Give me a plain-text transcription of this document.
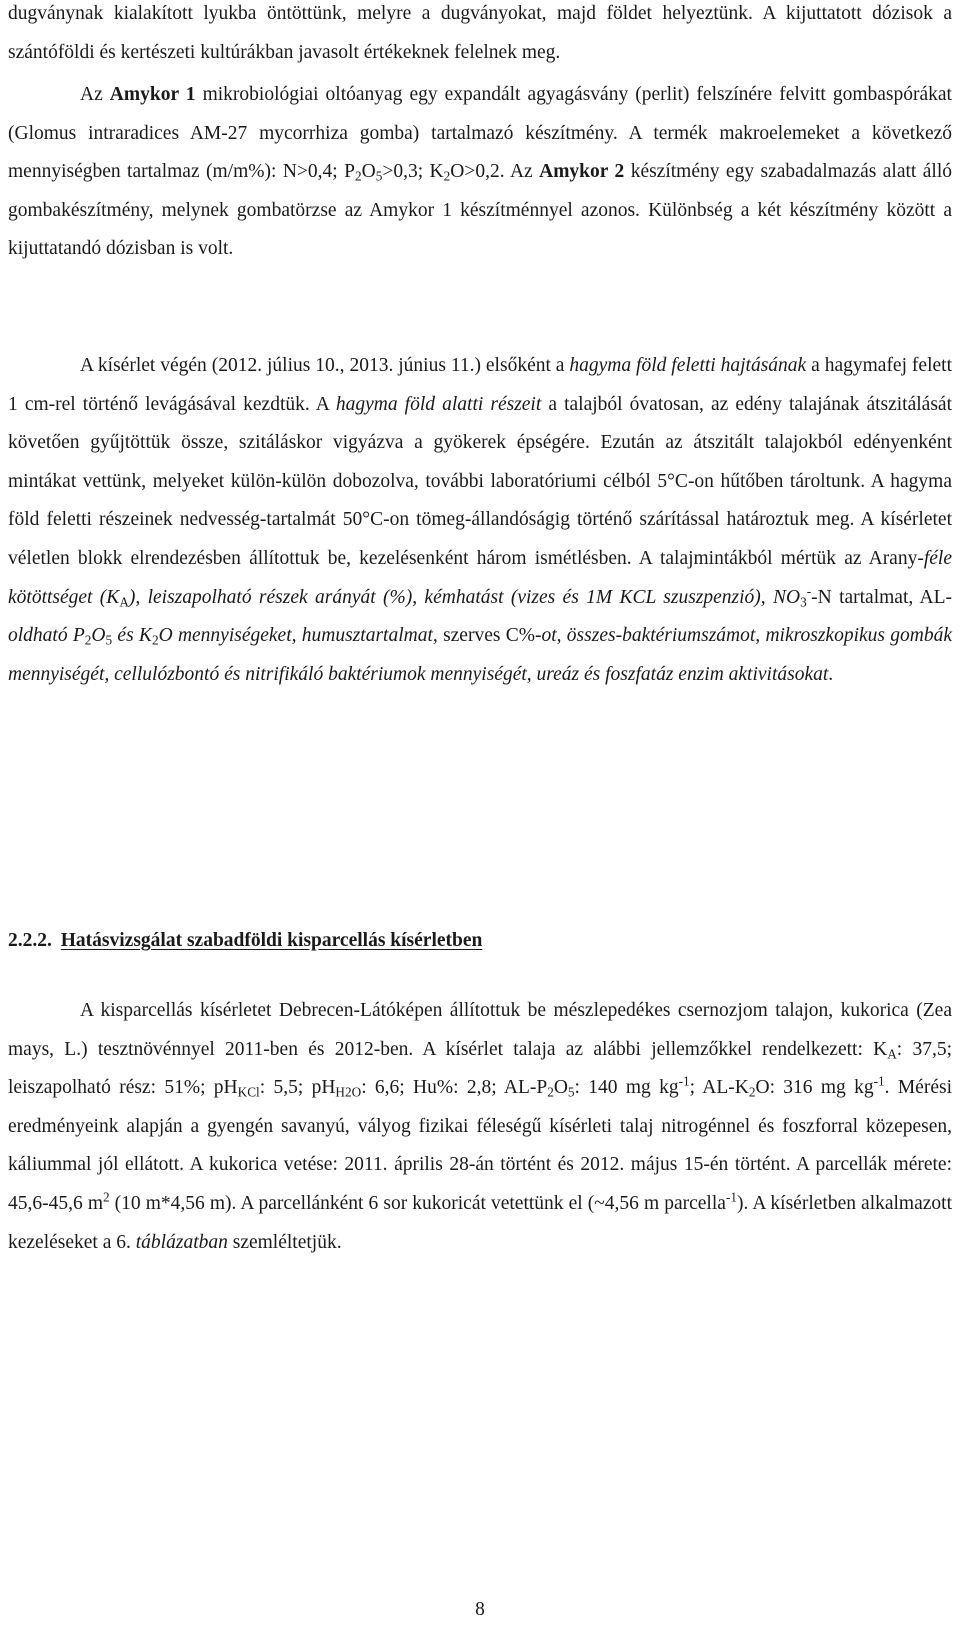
dugványnak kialakított lyukba öntöttünk, melyre a dugványokat, majd földet helyeztünk. A kijuttatott dózisok a szántóföldi és kertészeti kultúrákban javasolt értékeknek felelnek meg.

Az Amykor 1 mikrobiológiai oltóanyag egy expandált agyagásvány (perlit) felszínére felvitt gombaspórákat (Glomus intraradices AM-27 mycorrhiza gomba) tartalmazó készítmény. A termék makroelemeket a következő mennyiségben tartalmaz (m/m%): N>0,4; $P_2O_5>0,3$; $K_2O>0,2$. Az Amykor 2 készítmény egy szabadalmazás alatt álló gombakészítmény, melynek gombatörzse az Amykor 1 készítménnyel azonos. Különbség a két készítmény között a kijuttatandó dózisban is volt.

A kísérlet végén (2012. július 10., 2013. június 11.) elsőként a hagyma föld feletti hajtásának a hagymafej felett 1 cm-rel történő levágásával kezdtük. A hagyma föld alatti részeit a talajból óvatosan, az edény talajának átszitálását követően gyűjtöttük össze, szitáláskor vigyázva a gyökerek épségére. Ezután az átszitált talajokból edényenként mintákat vettünk, melyeket külön-külön dobozolva, további laboratóriumi célból 5°C-on hűtőben tároltunk. A hagyma föld feletti részeinek nedvesség-tartalmát 50°C-on tömeg-állandóságig történő szárítással határoztuk meg. A kísérletet véletlen blokk elrendezésben állítottuk be, kezelésenként három ismétlésben. A talajmintákból mértük az Arany-féle kötöttséget $(K_A)$, leiszapolható részek arányát (%), kémhatást (vizes és 1M KCL szuszpenzió), $NO_3^--N$ tartalmat, AL-oldható $P_2O_5$ és $K_2O$ mennyiségeket, humusztartalmat, szerves C%-ot, összes-baktériumszámot, mikroszkopikus gombák mennyiségét, cellulózbontó és nitrifikáló baktériumok mennyiségét, ureáz és foszfatáz enzim aktivitásokat.

2.2.2. Hatásvizsgálat szabadföldi kisparcellás kísérletben

A kisparcellás kísérletet Debrecen-Látóképen állítottuk be mészlepedékes csernozjom talajon, kukorica (Zea mays, L.) tesztnövénnyel 2011-ben és 2012-ben. A kísérlet talaja az alábbi jellemzőkkel rendelkezett: $K_A$: 37,5; leiszapolható rész: 51%; $pH_{KCl}$: 5,5; $pH_{H2O}$: 6,6; Hu%: 2,8; $AL-P_2O_5$: 140 mg $kg^{-1}$; $AL-K_2O$: 316 mg $kg^{-1}$. Mérési eredményeink alapján a gyengén savanyú, vályog fizikai féleségű kísérleti talaj nitrogénnel és foszforral közepesen, káliummal jól ellátott. A kukorica vetése: 2011. április 28-án történt és 2012. május 15-én történt. A parcellák mérete: 45,6-45,6 $m^2$ (10 m*4,56 m). A parcellánként 6 sor kukoricát vetettünk el (~4,56 m parcella$^{-1}$). A kísérletben alkalmazott kezeléseket a 6. táblázatban szemléltetjük.

8
